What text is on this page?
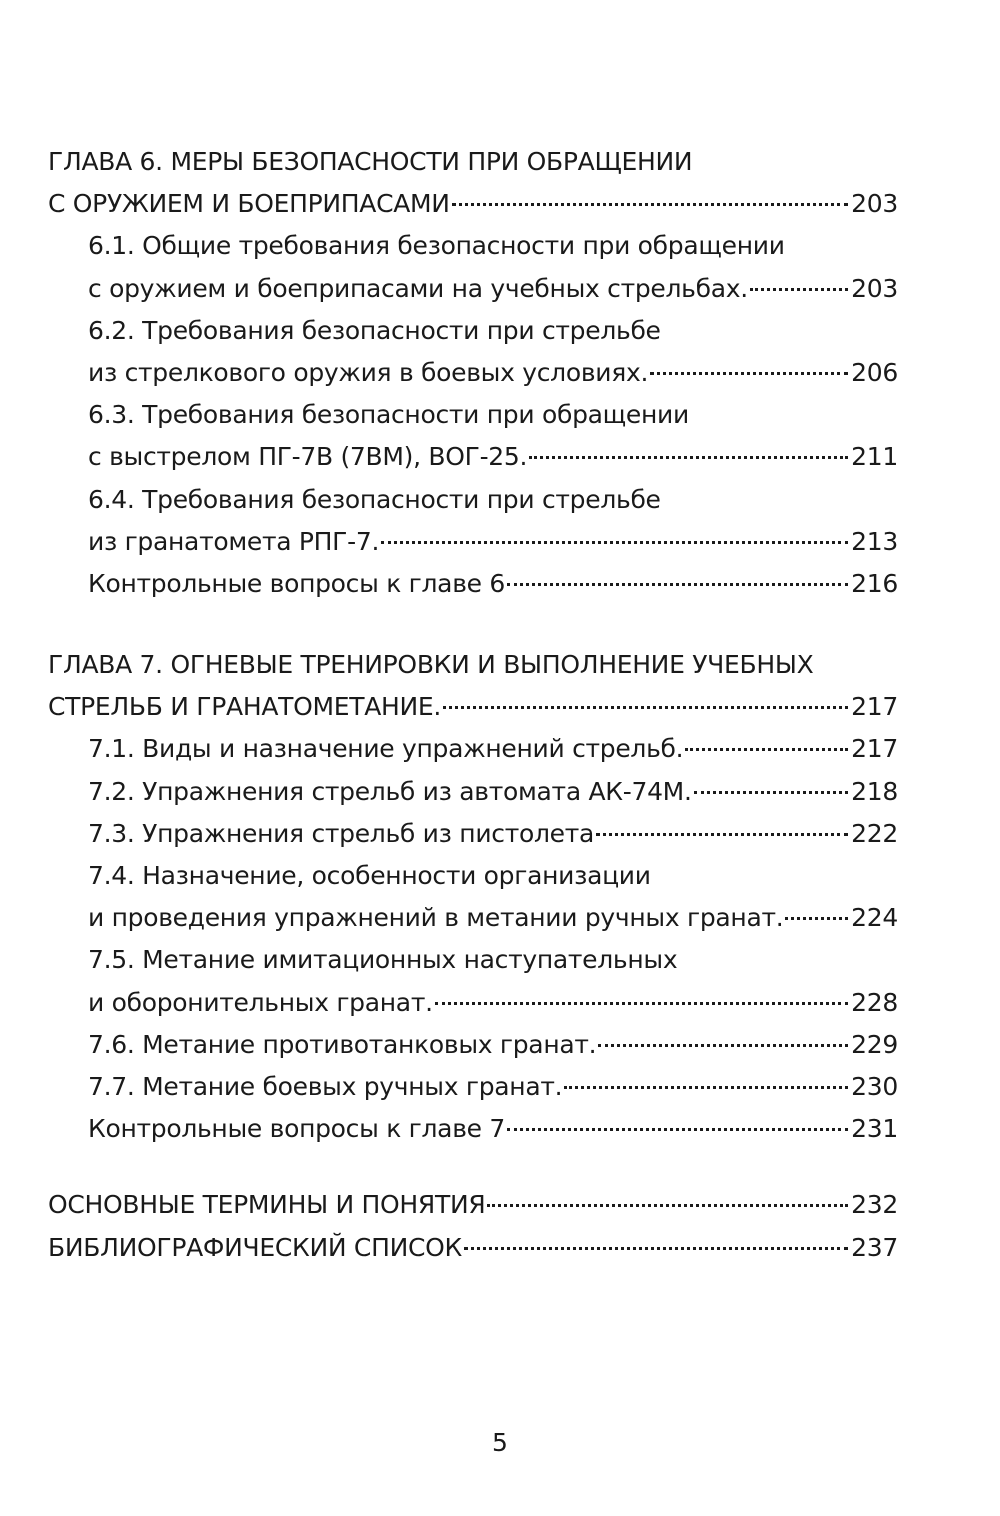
ГЛАВА 6. МЕРЫ БЕЗОПАСНОСТИ ПРИ ОБРАЩЕНИИ
С ОРУЖИЕМ И БОЕПРИПАСАМИ	203
6.1. Общие требования безопасности при обращении
с оружием и боеприпасами на учебных стрельбах.	203
6.2. Требования безопасности при стрельбе
из стрелкового оружия в боевых условиях.	206
6.3. Требования безопасности при обращении
с выстрелом ПГ-7В (7ВМ), ВОГ-25.	211
6.4. Требования безопасности при стрельбе
из гранатомета РПГ-7.	213
Контрольные вопросы к главе 6	216
ГЛАВА 7. ОГНЕВЫЕ ТРЕНИРОВКИ И ВЫПОЛНЕНИЕ УЧЕБНЫХ
СТРЕЛЬБ И ГРАНАТОМЕТАНИЕ.	217
7.1. Виды и назначение упражнений стрельб.	217
7.2. Упражнения стрельб из автомата АК-74М.	218
7.3. Упражнения стрельб из пистолета	222
7.4. Назначение, особенности организации
и проведения упражнений в метании ручных гранат.	224
7.5. Метание имитационных наступательных
и оборонительных гранат.	228
7.6. Метание противотанковых гранат.	229
7.7. Метание боевых ручных гранат.	230
Контрольные вопросы к главе 7	231
ОСНОВНЫЕ ТЕРМИНЫ И ПОНЯТИЯ	232
БИБЛИОГРАФИЧЕСКИЙ СПИСОК	237
5
